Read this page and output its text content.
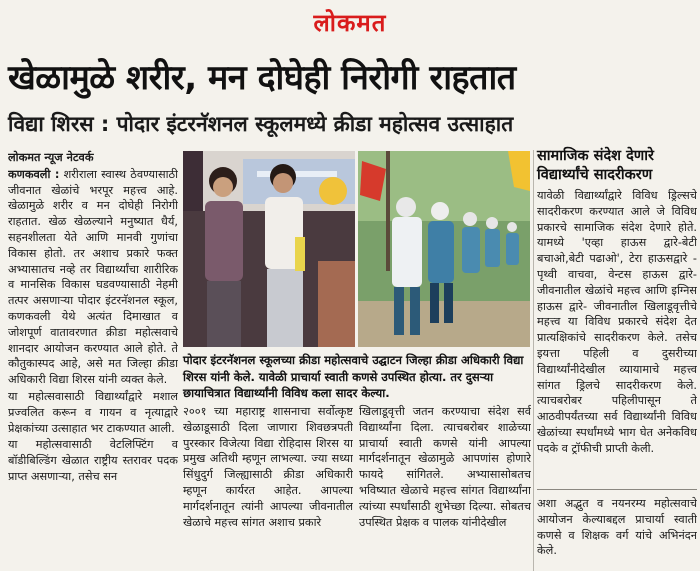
लोकमत
खेळामुळे शरीर, मन दोघेही निरोगी राहतात
विद्या शिरस : पोदार इंटरनॅशनल स्कूलमध्ये क्रीडा महोत्सव उत्साहात

लोकमत न्यूज नेटवर्क

कणकवली : शरीराला स्वास्थ ठेवण्यासाठी जीवनात खेळांचे भरपूर महत्त्व आहे. खेळामुळे शरीर व मन दोघेही निरोगी राहतात. खेळ खेळल्याने मनुष्यात धैर्य, सहनशीलता येते आणि मानवी गुणांचा विकास होतो. तर अशाच प्रकारे फक्त अभ्यासातच नव्हे तर विद्यार्थ्यांचा शारीरिक व मानसिक विकास घडवण्यासाठी नेहमी तत्पर असणाऱ्या पोदार इंटरनॅशनल स्कूल, कणकवली येथे अत्यंत दिमाखात व जोशपूर्ण वातावरणात क्रीडा महोत्सवाचे शानदार आयोजन करण्यात आले होते. ते कौतुकास्पद आहे, असे मत जिल्हा क्रीडा अधिकारी विद्या शिरस यांनी व्यक्त केले.

या महोत्सवासाठी विद्यार्थ्यांद्वारे मशाल प्रज्वलित करून व गायन व नृत्याद्वारे प्रेक्षकांच्या उत्साहात भर टाकण्यात आली.

या महोत्सवासाठी वेटलिफ्टिंग व बॉडीबिल्डिंग खेळात राष्ट्रीय स्तरावर पदक प्राप्त असणाऱ्या, तसेच सन

पोदार इंटरनॅशनल स्कूलच्या क्रीडा महोत्सवाचे उद्घाटन जिल्हा क्रीडा अधिकारी विद्या शिरस यांनी केले. यावेळी प्राचार्या स्वाती कणसे उपस्थित होत्या. तर दुसऱ्या छायाचित्रात विद्यार्थ्यांनी विविध कला सादर केल्या.
२००१ च्या महाराष्ट्र शासनाचा सर्वोत्कृष्ट खेळाडूसाठी दिला जाणारा शिवछत्रपती पुरस्कार विजेत्या विद्या रोहिदास शिरस या प्रमुख अतिथी म्हणून लाभल्या. ज्या सध्या सिंधुदुर्ग जिल्ह्यासाठी क्रीडा अधिकारी म्हणून कार्यरत आहेत. आपल्या मार्गदर्शनातून त्यांनी आपल्या जीवनातील खेळाचे महत्त्व सांगत अशाच प्रकारे
खिलाडूवृत्ती जतन करण्याचा संदेश सर्व विद्यार्थ्यांना दिला. त्याचबरोबर शाळेच्या प्राचार्या स्वाती कणसे यांनी आपल्या मार्गदर्शनातून खेळामुळे आपणांस होणारे फायदे सांगितले. अभ्यासासोबतच भविष्यात खेळाचे महत्त्व सांगत विद्यार्थ्यांना त्यांच्या स्पर्धांसाठी शुभेच्छा दिल्या. सोबतच उपस्थित प्रेक्षक व पालक यांनीदेखील
सामाजिक संदेश देणारे विद्यार्थ्यांचे सादरीकरण
यावेळी विद्यार्थ्यांद्वारे विविध ड्रिल्सचे सादरीकरण करण्यात आले जे विविध प्रकारचे सामाजिक संदेश देणारे होते. यामध्ये 'एव्हा हाऊस द्वारे-बेटी बचाओ,बेटी पढाओ', टेरा हाऊसद्वारे - पृथ्वी वाचवा, वेन्टस हाऊस द्वारे- जीवनातील खेळांचे महत्त्व आणि इग्निस हाऊस द्वारे- जीवनातील खिलाडूवृत्तीचे महत्त्व या विविध प्रकारचे संदेश देत प्रात्यक्षिकांचे सादरीकरण केले. तसेच इयत्ता पहिली व दुसरीच्या विद्यार्थ्यांनीदेखील व्यायामाचे महत्त्व सांगत ड्रिलचे सादरीकरण केले. त्याचबरोबर पहिलीपासून ते आठवीपर्यंतच्या सर्व विद्यार्थ्यांनी विविध खेळांच्या स्पर्धांमध्ये भाग घेत अनेकविध पदके व ट्रॉफीची प्राप्ती केली.
अशा अद्भुत व नयनरम्य महोत्सवाचे आयोजन केल्याबद्दल प्राचार्या स्वाती कणसे व शिक्षक वर्ग यांचे अभिनंदन केले.
